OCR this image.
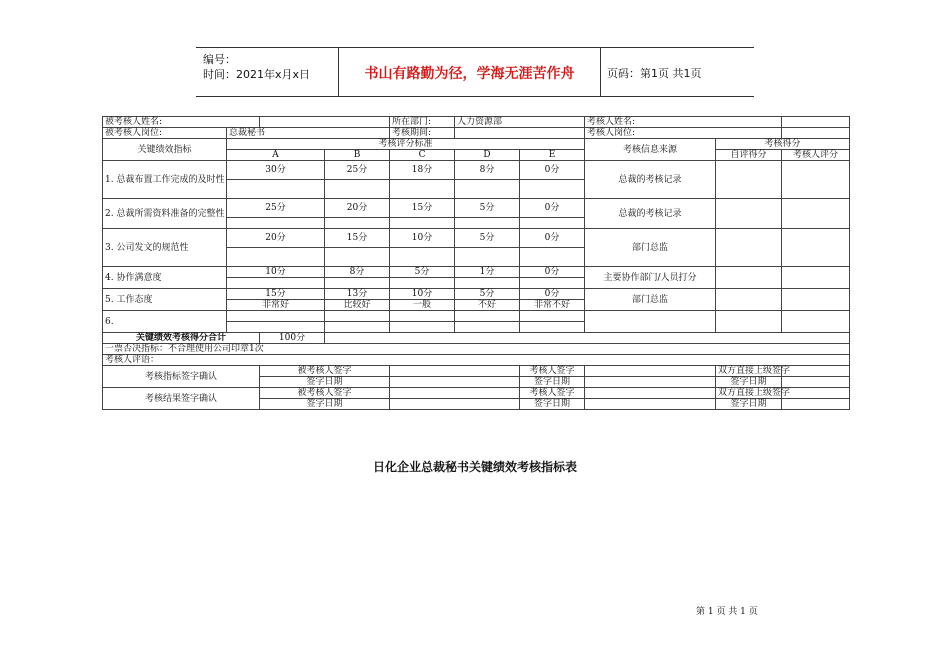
编号：
时间：2021年x月x日	书山有路勤为径，学海无涯苦作舟	页码：第1页 共1页
被考核人姓名:				所在部门:	人力资源部		考核人姓名:		
被考核人岗位:	总裁秘书			考核期间:			考核人岗位:		
关键绩效指标	考核评分标准						考核信息来源	考核得分	
	A		B	C	D	E		自评得分	考核人评分
1. 总裁布置工作完成的及时性	30分		25分	18分	8分	0分	总裁的考核记录		

2. 总裁所需资料准备的完整性	25分		20分	15分	5分	0分	总裁的考核记录		

3. 公司发文的规范性	20分		15分	10分	5分	0分	部门总监		

4. 协作满意度	10分		8分	5分	1分	0分	主要协作部门/人员打分		

5. 工作态度	15分		13分	10分	5分	0分	部门总监		
	非常好		比较好	一般	不好	非常不好			
6.									

关键绩效考核得分合计		100分							
一票否决指标：不合理使用公司印章1次									
考核人评语：									
考核指标签字确认		被考核人签字				考核人签字		双方直接上级签字	
		签字日期				签字日期		签字日期	
考核结果签字确认		被考核人签字				考核人签字		双方直接上级签字	
		签字日期				签字日期		签字日期	
日化企业总裁秘书关键绩效考核指标表
第 1 页 共 1 页
